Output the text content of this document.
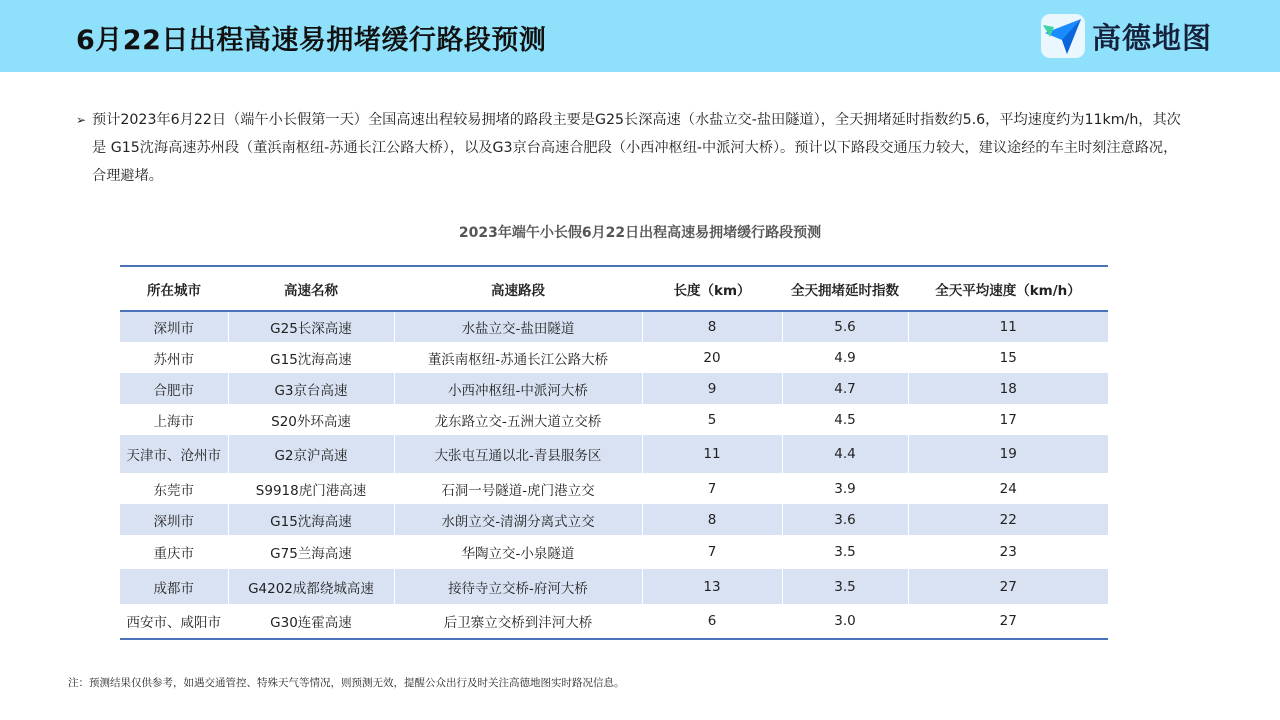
6月22日出程高速易拥堵缓行路段预测	高德地图
➢ 预计2023年6月22日（端午小长假第一天）全国高速出程较易拥堵的路段主要是G25长深高速（水盐立交-盐田隧道），全天拥堵延时指数约5.6，平均速度约为11km/h，其次是 G15沈海高速苏州段（董浜南枢纽-苏通长江公路大桥），以及G3京台高速合肥段（小西冲枢纽-中派河大桥）。预计以下路段交通压力较大，建议途经的车主时刻注意路况，合理避堵。

2023年端午小长假6月22日出程高速易拥堵缓行路段预测
所在城市	高速名称	高速路段	长度（km）	全天拥堵延时指数	全天平均速度（km/h）
深圳市	G25长深高速	水盐立交-盐田隧道	8	5.6	11
苏州市	G15沈海高速	董浜南枢纽-苏通长江公路大桥	20	4.9	15
合肥市	G3京台高速	小西冲枢纽-中派河大桥	9	4.7	18
上海市	S20外环高速	龙东路立交-五洲大道立交桥	5	4.5	17
天津市、沧州市	G2京沪高速	大张屯互通以北-青县服务区	11	4.4	19
东莞市	S9918虎门港高速	石洞一号隧道-虎门港立交	7	3.9	24
深圳市	G15沈海高速	水朗立交-清湖分离式立交	8	3.6	22
重庆市	G75兰海高速	华陶立交-小泉隧道	7	3.5	23
成都市	G4202成都绕城高速	接待寺立交桥-府河大桥	13	3.5	27
西安市、咸阳市	G30连霍高速	后卫寨立交桥到沣河大桥	6	3.0	27
注：预测结果仅供参考，如遇交通管控、特殊天气等情况，则预测无效，提醒公众出行及时关注高德地图实时路况信息。
